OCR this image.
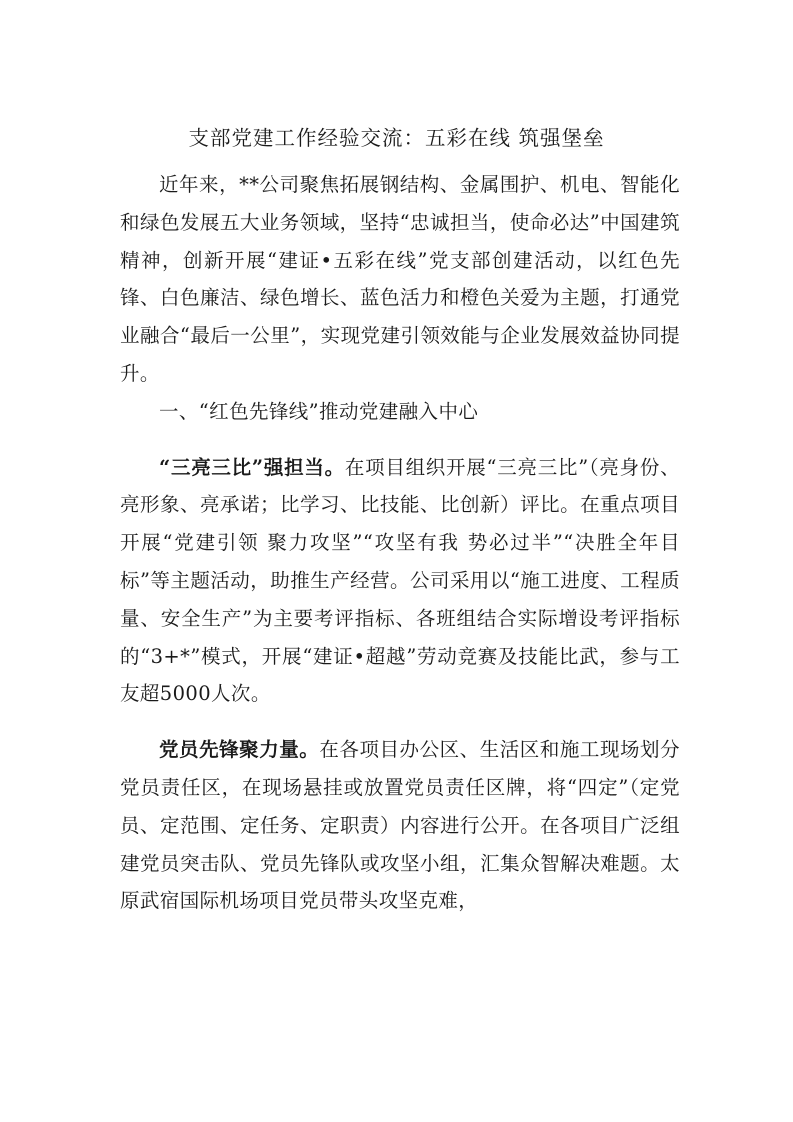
支部党建工作经验交流：五彩在线 筑强堡垒

近年来，**公司聚焦拓展钢结构、金属围护、机电、智能化和绿色发展五大业务领域，坚持“忠诚担当，使命必达”中国建筑精神，创新开展“建证•五彩在线”党支部创建活动，以红色先锋、白色廉洁、绿色增长、蓝色活力和橙色关爱为主题，打通党业融合“最后一公里”，实现党建引领效能与企业发展效益协同提升。

一、“红色先锋线”推动党建融入中心

“三亮三比”强担当。在项目组织开展“三亮三比”（亮身份、亮形象、亮承诺；比学习、比技能、比创新）评比。在重点项目开展“党建引领 聚力攻坚”“攻坚有我 势必过半”“决胜全年目标”等主题活动，助推生产经营。公司采用以“施工进度、工程质量、安全生产”为主要考评指标、各班组结合实际增设考评指标的“3+*”模式，开展“建证•超越”劳动竞赛及技能比武，参与工友超5000人次。

党员先锋聚力量。在各项目办公区、生活区和施工现场划分党员责任区，在现场悬挂或放置党员责任区牌，将“四定”（定党员、定范围、定任务、定职责）内容进行公开。在各项目广泛组建党员突击队、党员先锋队或攻坚小组，汇集众智解决难题。太原武宿国际机场项目党员带头攻坚克难，
